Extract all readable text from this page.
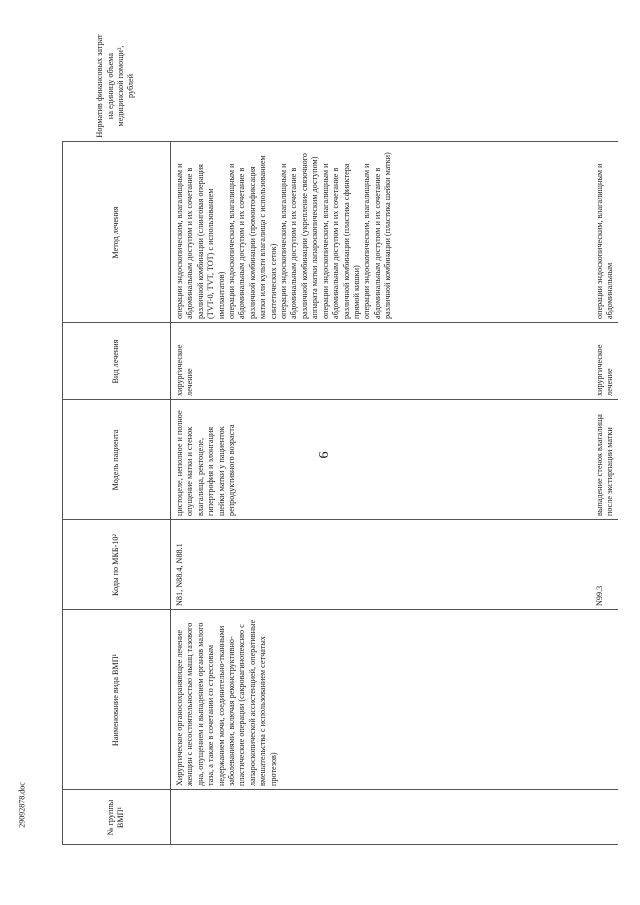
6
29092878.doc	№ группы ВМП¹
Наименование вида ВМП¹
Коды по МКБ-10²
Модель пациента
Вид лечения
Метод лечения
Норматив финансовых затрат на единицу объема медицинской помощи³, рублей
Хирургическое органосохраняющее лечение женщин с несостоятельностью мышц тазового дна, опущением и выпадением органов малого таза, а также в сочетании со стрессовым недержанием мочи, соединительно-тканными заболеваниями, включая реконструктивно-пластические операции (сакровагинопексию с лапароскопической ассистенцией, оперативные вмешательства с использованием сетчатых протезов)
N81, N88.4, N88.1
цистоцеле, неполное и полное опущение матки и стенок влагалища, ректоцеле, гипертрофия и элонгация шейки матки у пациенток репродуктивного возраста
хирургическое лечение
операции эндоскопическим, влагалищным и абдоминальным доступом и их сочетание в различной комбинации (слинговая операция (TVT-0, TVT, TOT) с использованием имплантатов) операции эндоскопическим, влагалищным и абдоминальным доступом и их сочетание в различной комбинации (промонтофиксация матки или культи влагалища с использованием синтетических сеток) операции эндоскопическим, влагалищным и абдоминальным доступом и их сочетание в различной комбинации (укрепление связочного аппарата матки лапароскопическим доступом) операции эндоскопическим, влагалищным и абдоминальным доступом и их сочетание в различной комбинации (пластика сфинктера прямой кишки) операции эндоскопическим, влагалищным и абдоминальным доступом и их сочетание в различной комбинации (пластика шейки матки)
N99.3
выпадение стенок влагалища после экстирпации матки
хирургическое лечение
операции эндоскопическим, влагалищным и абдоминальным
